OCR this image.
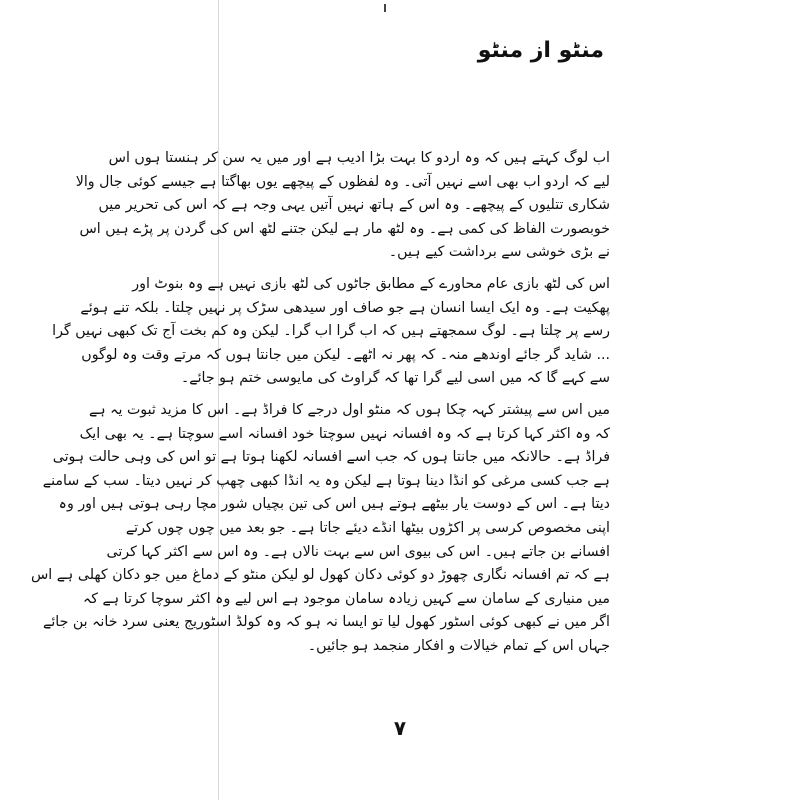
منٹو از منٹو

اب لوگ کہتے ہیں کہ وہ اردو کا بہت بڑا ادیب ہے اور میں یہ سن کر ہنستا ہوں اس
لیے کہ اردو اب بھی اسے نہیں آتی۔ وہ لفظوں کے پیچھے یوں بھاگتا ہے جیسے کوئی جال والا
شکاری تتلیوں کے پیچھے۔ وہ اس کے ہاتھ نہیں آتیں یہی وجہ ہے کہ اس کی تحریر میں
خوبصورت الفاظ کی کمی ہے۔ وہ لٹھ مار ہے لیکن جتنے لٹھ اس کی گردن پر پڑے ہیں اس
نے بڑی خوشی سے برداشت کیے ہیں۔

اس کی لٹھ بازی عام محاورے کے مطابق جاٹوں کی لٹھ بازی نہیں ہے وہ بنوٹ اور
پھکیت ہے۔ وہ ایک ایسا انسان ہے جو صاف اور سیدھی سڑک پر نہیں چلتا۔ بلکہ تنے ہوئے
رسے پر چلتا ہے۔ لوگ سمجھتے ہیں کہ اب گرا اب گرا۔ لیکن وہ کم بخت آج تک کبھی نہیں گرا
... شاید گر جائے اوندھے منہ۔ کہ پھر نہ اٹھے۔ لیکن میں جانتا ہوں کہ مرتے وقت وہ لوگوں
سے کہے گا کہ میں اسی لیے گرا تھا کہ گراوٹ کی مایوسی ختم ہو جائے۔

میں اس سے پیشتر کہہ چکا ہوں کہ منٹو اول درجے کا فراڈ ہے۔ اس کا مزید ثبوت یہ ہے
کہ وہ اکثر کہا کرتا ہے کہ وہ افسانہ نہیں سوچتا خود افسانہ اسے سوچتا ہے۔ یہ بھی ایک
فراڈ ہے۔ حالانکہ میں جانتا ہوں کہ جب اسے افسانہ لکھنا ہوتا ہے تو اس کی وہی حالت ہوتی
ہے جب کسی مرغی کو انڈا دینا ہوتا ہے لیکن وہ یہ انڈا کبھی چھپ کر نہیں دیتا۔ سب کے سامنے
دیتا ہے۔ اس کے دوست یار بیٹھے ہوتے ہیں اس کی تین بچیاں شور مچا رہی ہوتی ہیں اور وہ
اپنی مخصوص کرسی پر اکڑوں بیٹھا انڈے دیئے جاتا ہے۔ جو بعد میں چوں چوں کرتے
افسانے بن جاتے ہیں۔ اس کی بیوی اس سے بہت نالاں ہے۔ وہ اس سے اکثر کہا کرتی
ہے کہ تم افسانہ نگاری چھوڑ دو کوئی دکان کھول لو لیکن منٹو کے دماغ میں جو دکان کھلی ہے اس
میں منیاری کے سامان سے کہیں زیادہ سامان موجود ہے اس لیے وہ اکثر سوچا کرتا ہے کہ
اگر میں نے کبھی کوئی اسٹور کھول لیا تو ایسا نہ ہو کہ وہ کولڈ اسٹوریج یعنی سرد خانہ بن جائے
جہاں اس کے تمام خیالات و افکار منجمد ہو جائیں۔

۷
